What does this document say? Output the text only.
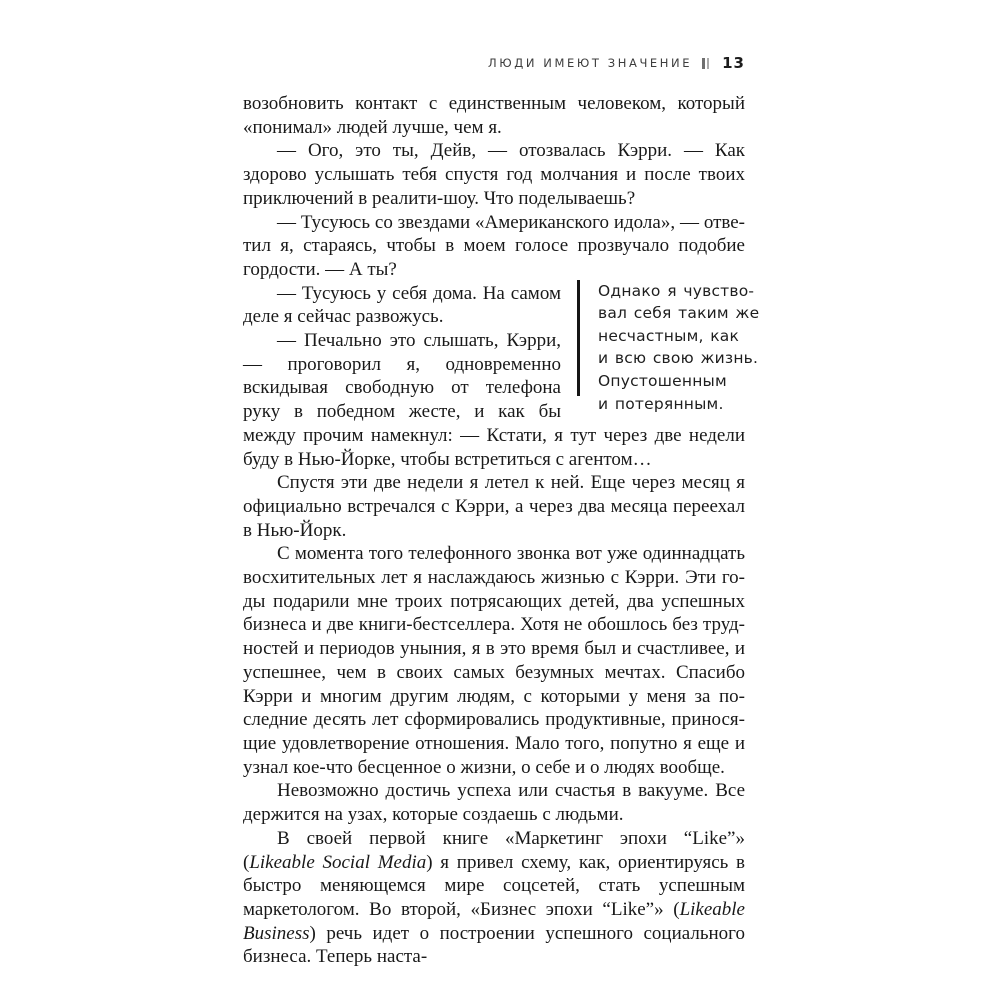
ЛЮДИ ИМЕЮТ ЗНАЧЕНИЕ 13

возобновить контакт с единственным человеком, который «понимал» людей лучше, чем я.

— Ого, это ты, Дейв, — отозвалась Кэрри. — Как здорово услышать тебя спустя год молчания и после твоих приключений в реалити-шоу. Что поделываешь?

— Тусуюсь со звездами «Американского идола», — ответил я, стараясь, чтобы в моем голосе прозвучало подобие гордости. — А ты?

Однако я чувство-
вал себя таким же
несчастным, как
и всю свою жизнь.
Опустошенным
и потерянным.

— Тусуюсь у себя дома. На самом деле я сейчас развожусь.

— Печально это слышать, Кэрри, — проговорил я, одновременно вскидывая свободную от телефона руку в победном жесте, и как бы между прочим намекнул: — Кстати, я тут через две недели буду в Нью-Йорке, чтобы встретиться с агентом…

Спустя эти две недели я летел к ней. Еще через месяц я официально встречался с Кэрри, а через два месяца переехал в Нью-Йорк.

С момента того телефонного звонка вот уже одиннадцать восхитительных лет я наслаждаюсь жизнью с Кэрри. Эти годы подарили мне троих потрясающих детей, два успешных бизнеса и две книги-бестселлера. Хотя не обошлось без трудностей и периодов уныния, я в это время был и счастливее, и успешнее, чем в своих самых безумных мечтах. Спасибо Кэрри и многим другим людям, с которыми у меня за последние десять лет сформировались продуктивные, приносящие удовлетворение отношения. Мало того, попутно я еще и узнал кое-что бесценное о жизни, о себе и о людях вообще.

Невозможно достичь успеха или счастья в вакууме. Все держится на узах, которые создаешь с людьми.

В своей первой книге «Маркетинг эпохи “Like”» (Likeable Social Media) я привел схему, как, ориентируясь в быстро меняющемся мире соцсетей, стать успешным маркетологом. Во второй, «Бизнес эпохи “Like”» (Likeable Business) речь идет о построении успешного социального бизнеса. Теперь наста-
